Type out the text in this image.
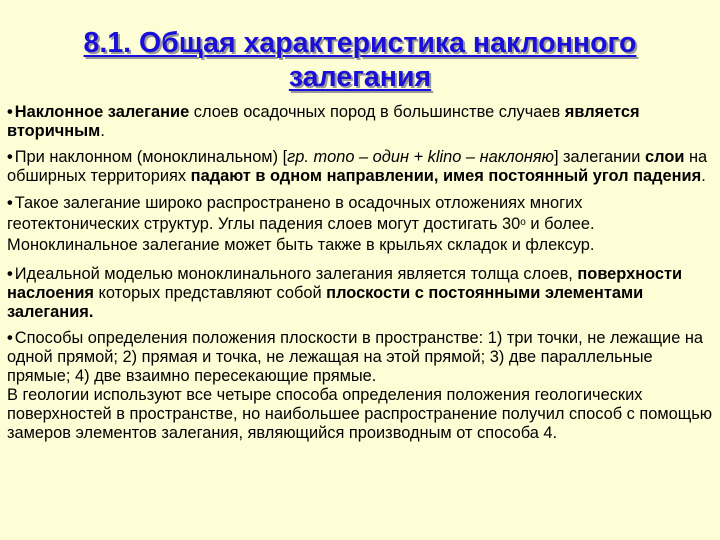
8.1. Общая характеристика наклонного
залегания

• Наклонное залегание слоев осадочных пород в большинстве случаев является вторичным.

• При наклонном (моноклинальном) [гр. mono – один + klino – наклоняю] залегании слои на обширных территориях падают в одном направлении, имея постоянный угол падения.

• Такое залегание широко распространено в осадочных отложениях многих геотектонических структур. Углы падения слоев могут достигать $30^о$ и более. Моноклинальное залегание может быть также в крыльях складок и флексур.

• Идеальной моделью моноклинального залегания является толща слоев, поверхности наслоения которых представляют собой плоскости с постоянными элементами залегания.

• Способы определения положения плоскости в пространстве: 1) три точки, не лежащие на одной прямой; 2) прямая и точка, не лежащая на этой прямой; 3) две параллельные прямые; 4) две взаимно пересекающие прямые.

В геологии используют все четыре способа определения положения геологических поверхностей в пространстве, но наибольшее распространение получил способ с помощью замеров элементов залегания, являющийся производным от способа 4.
